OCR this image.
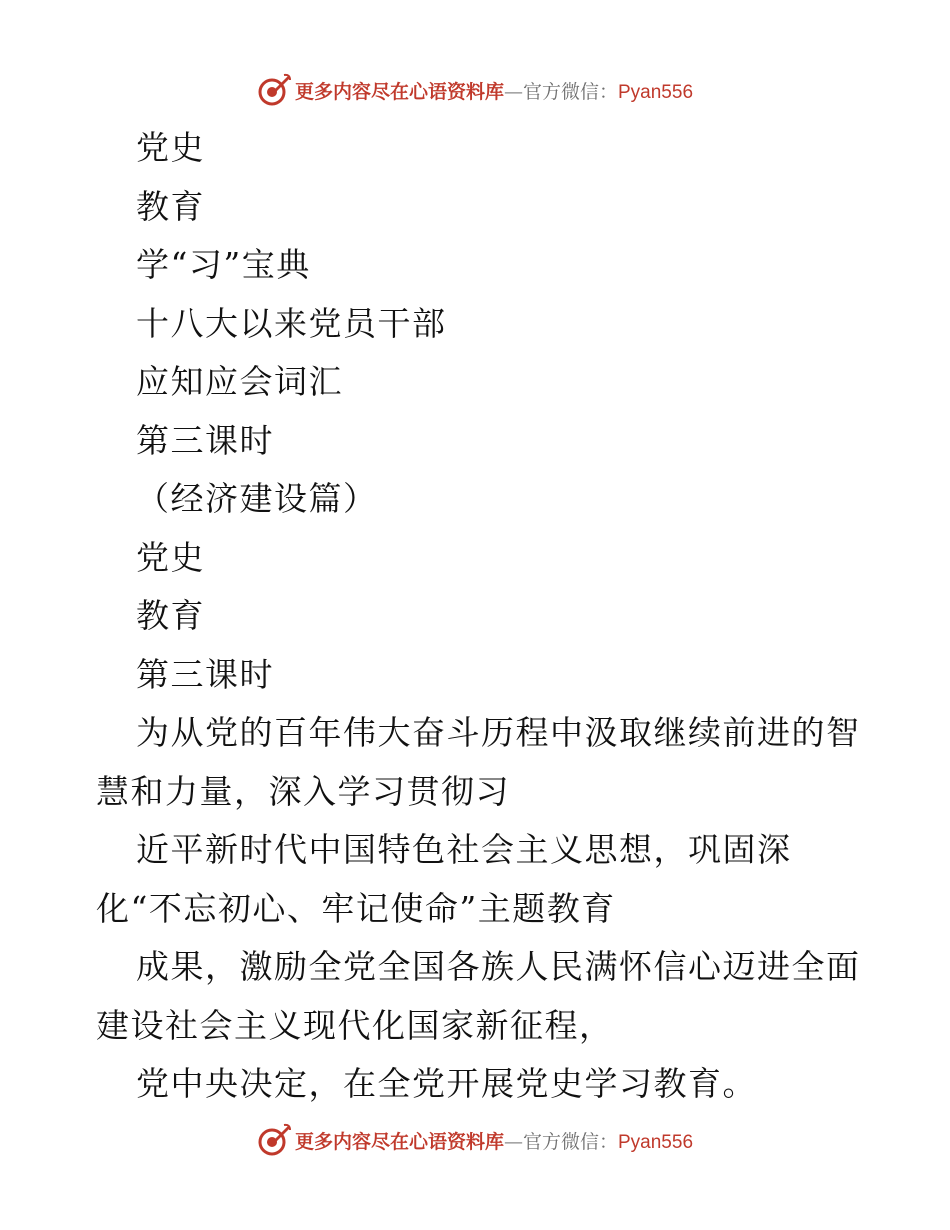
更多内容尽在心语资料库—官方微信：Pyan556
党史
教育
学“习”宝典
十八大以来党员干部
应知应会词汇
第三课时
（经济建设篇）
党史
教育
第三课时
为从党的百年伟大奋斗历程中汲取继续前进的智
慧和力量，深入学习贯彻习
近平新时代中国特色社会主义思想，巩固深
化“不忘初心、牢记使命”主题教育
成果，激励全党全国各族人民满怀信心迈进全面
建设社会主义现代化国家新征程，
党中央决定，在全党开展党史学习教育。
更多内容尽在心语资料库—官方微信：Pyan556
